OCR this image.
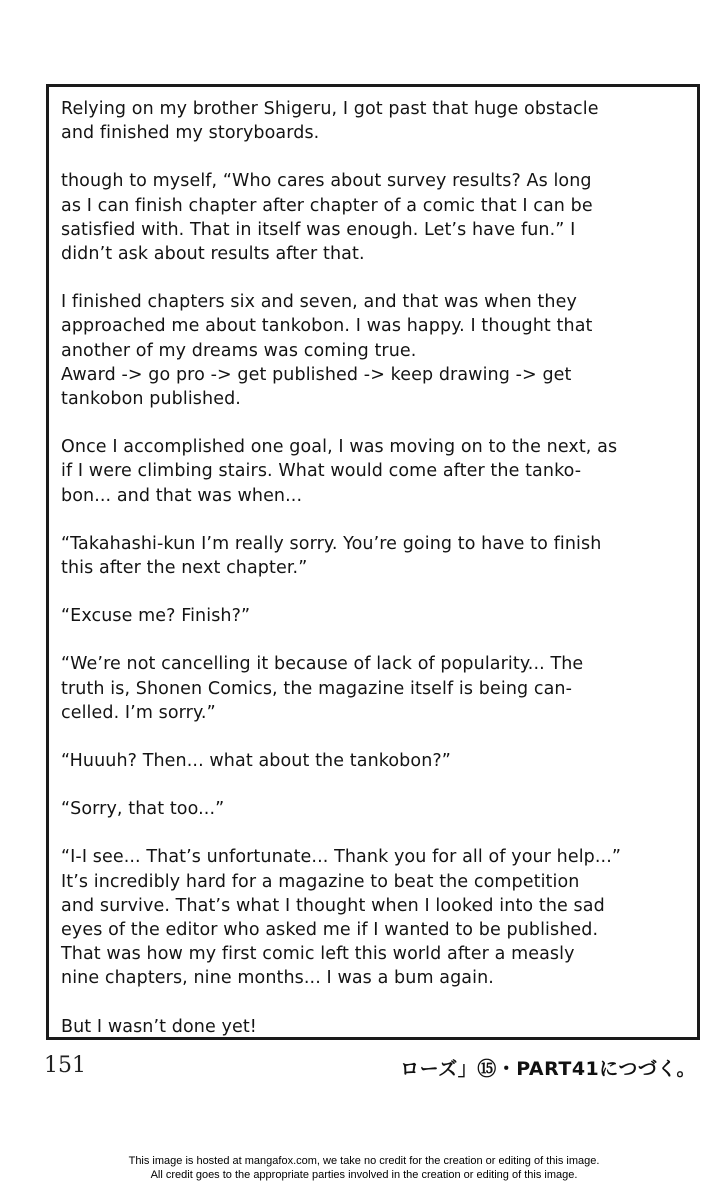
Relying on my brother Shigeru, I got past that huge obstacle
and finished my storyboards.

though to myself, “Who cares about survey results? As long
as I can finish chapter after chapter of a comic that I can be
satisfied with. That in itself was enough. Let’s have fun.” I
didn’t ask about results after that.

I finished chapters six and seven, and that was when they
approached me about tankobon. I was happy. I thought that
another of my dreams was coming true.
Award -> go pro -> get published -> keep drawing -> get
tankobon published.

Once I accomplished one goal, I was moving on to the next, as
if I were climbing stairs. What would come after the tanko-
bon... and that was when...

“Takahashi-kun I’m really sorry. You’re going to have to finish
this after the next chapter.”

“Excuse me? Finish?”

“We’re not cancelling it because of lack of popularity... The
truth is, Shonen Comics, the magazine itself is being can-
celled. I’m sorry.”

“Huuuh? Then... what about the tankobon?”

“Sorry, that too...”

“I-I see... That’s unfortunate... Thank you for all of your help...”
It’s incredibly hard for a magazine to beat the competition
and survive. That’s what I thought when I looked into the sad
eyes of the editor who asked me if I wanted to be published.
That was how my first comic left this world after a measly
nine chapters, nine months... I was a bum again.

But I wasn’t done yet!

151	ローズ」⑮・PART41につづく。
This image is hosted at mangafox.com, we take no credit for the creation or editing of this image.
All credit goes to the appropriate parties involved in the creation or editing of this image.
